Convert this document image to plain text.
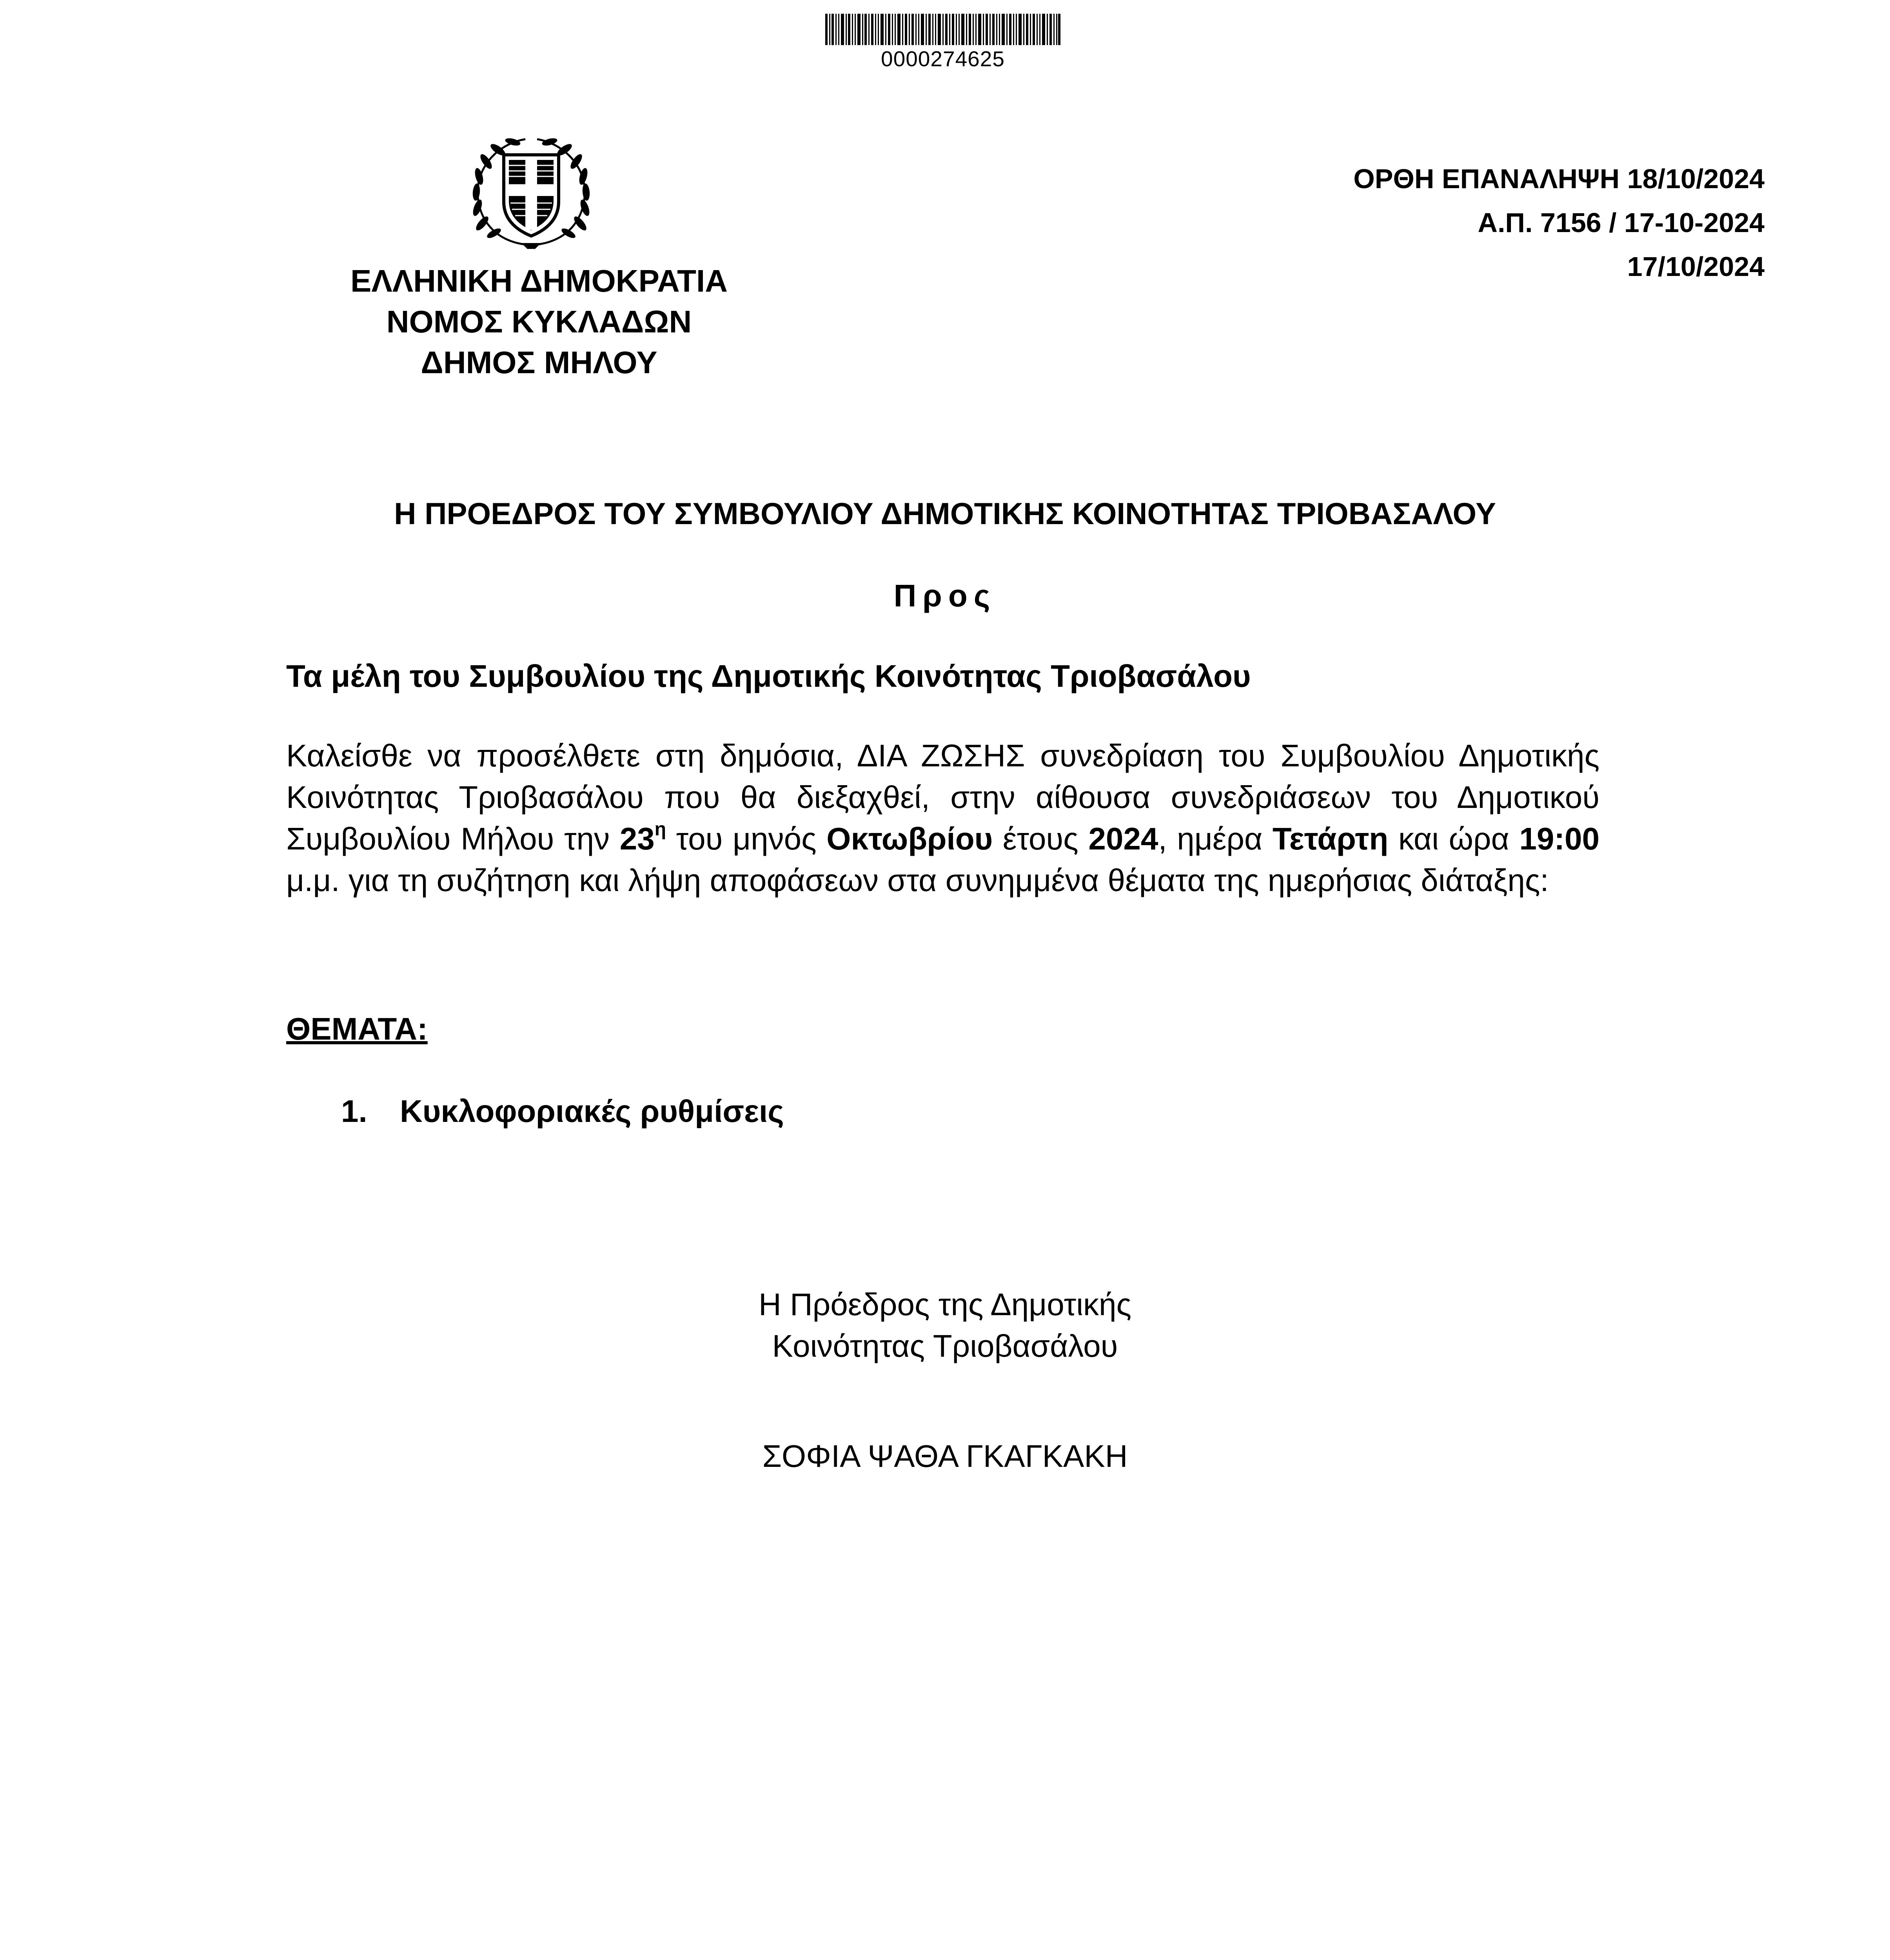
0000274625
ΕΛΛΗΝΙΚΗ ΔΗΜΟΚΡΑΤΙΑ
ΝΟΜΟΣ ΚΥΚΛΑΔΩΝ
ΔΗΜΟΣ ΜΗΛΟΥ
ΟΡΘΗ ΕΠΑΝΑΛΗΨΗ 18/10/2024
Α.Π. 7156 / 17-10-2024
17/10/2024
Η ΠΡΟΕΔΡΟΣ ΤΟΥ ΣΥΜΒΟΥΛΙΟΥ ΔΗΜΟΤΙΚΗΣ ΚΟΙΝΟΤΗΤΑΣ ΤΡΙΟΒΑΣΑΛΟΥ
Προς
Τα μέλη του Συμβουλίου της Δημοτικής Κοινότητας Τριοβασάλου
Καλείσθε να προσέλθετε στη δημόσια, ΔΙΑ ΖΩΣΗΣ συνεδρίαση του Συμβουλίου Δημοτικής Κοινότητας Τριοβασάλου που θα διεξαχθεί, στην αίθουσα συνεδριάσεων του Δημοτικού Συμβουλίου Μήλου την $23^\eta$ του μηνός Οκτωβρίου έτους 2024, ημέρα Τετάρτη και ώρα 19:00 μ.μ. για τη συζήτηση και λήψη αποφάσεων στα συνημμένα θέματα της ημερήσιας διάταξης:
ΘΕΜΑΤΑ:
1. Κυκλοφοριακές ρυθμίσεις
Η Πρόεδρος της Δημοτικής
Κοινότητας Τριοβασάλου
ΣΟΦΙΑ ΨΑΘΑ ΓΚΑΓΚΑΚΗ
